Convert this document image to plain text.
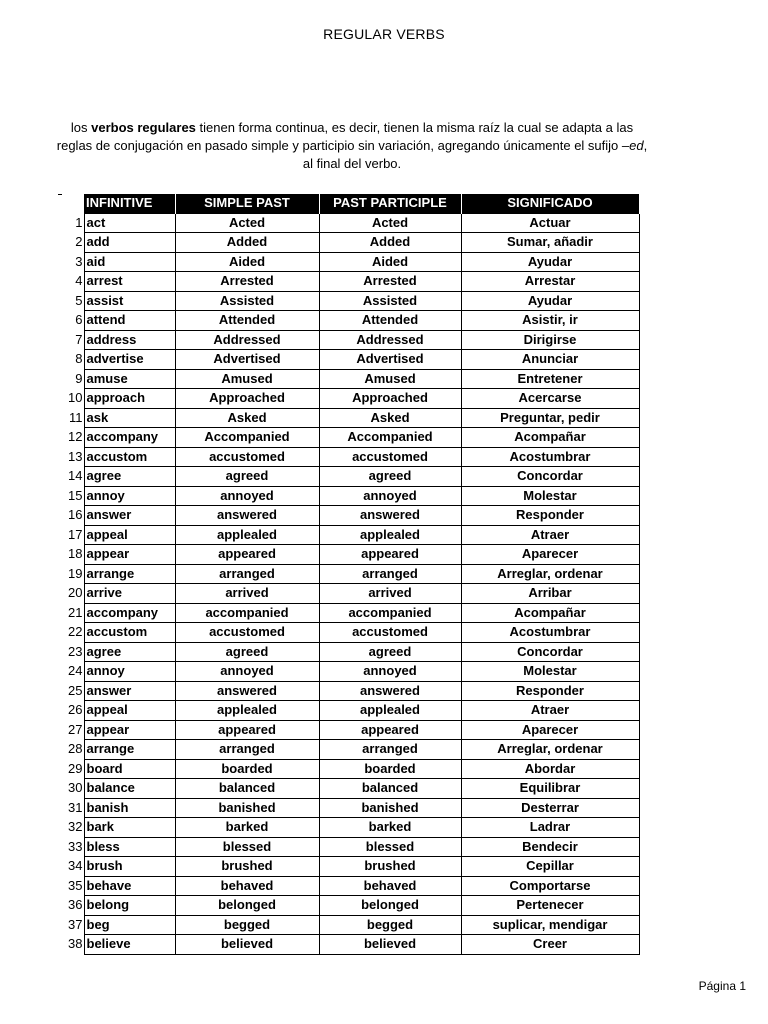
REGULAR VERBS
los verbos regulares tienen forma continua, es decir, tienen la misma raíz la cual se adapta a las reglas de conjugación en pasado simple y participio sin variación, agregando únicamente el sufijo –ed, al final del verbo.
	INFINITIVE	SIMPLE PAST	PAST PARTICIPLE	SIGNIFICADO
1	act	Acted	Acted	Actuar
2	add	Added	Added	Sumar, añadir
3	aid	Aided	Aided	Ayudar
4	arrest	Arrested	Arrested	Arrestar
5	assist	Assisted	Assisted	Ayudar
6	attend	Attended	Attended	Asistir, ir
7	address	Addressed	Addressed	Dirigirse
8	advertise	Advertised	Advertised	Anunciar
9	amuse	Amused	Amused	Entretener
10	approach	Approached	Approached	Acercarse
11	ask	Asked	Asked	Preguntar, pedir
12	accompany	Accompanied	Accompanied	Acompañar
13	accustom	accustomed	accustomed	Acostumbrar
14	agree	agreed	agreed	Concordar
15	annoy	annoyed	annoyed	Molestar
16	answer	answered	answered	Responder
17	appeal	applealed	applealed	Atraer
18	appear	appeared	appeared	Aparecer
19	arrange	arranged	arranged	Arreglar, ordenar
20	arrive	arrived	arrived	Arribar
21	accompany	accompanied	accompanied	Acompañar
22	accustom	accustomed	accustomed	Acostumbrar
23	agree	agreed	agreed	Concordar
24	annoy	annoyed	annoyed	Molestar
25	answer	answered	answered	Responder
26	appeal	applealed	applealed	Atraer
27	appear	appeared	appeared	Aparecer
28	arrange	arranged	arranged	Arreglar, ordenar
29	board	boarded	boarded	Abordar
30	balance	balanced	balanced	Equilibrar
31	banish	banished	banished	Desterrar
32	bark	barked	barked	Ladrar
33	bless	blessed	blessed	Bendecir
34	brush	brushed	brushed	Cepillar
35	behave	behaved	behaved	Comportarse
36	belong	belonged	belonged	Pertenecer
37	beg	begged	begged	suplicar, mendigar
38	believe	believed	believed	Creer
Página 1
